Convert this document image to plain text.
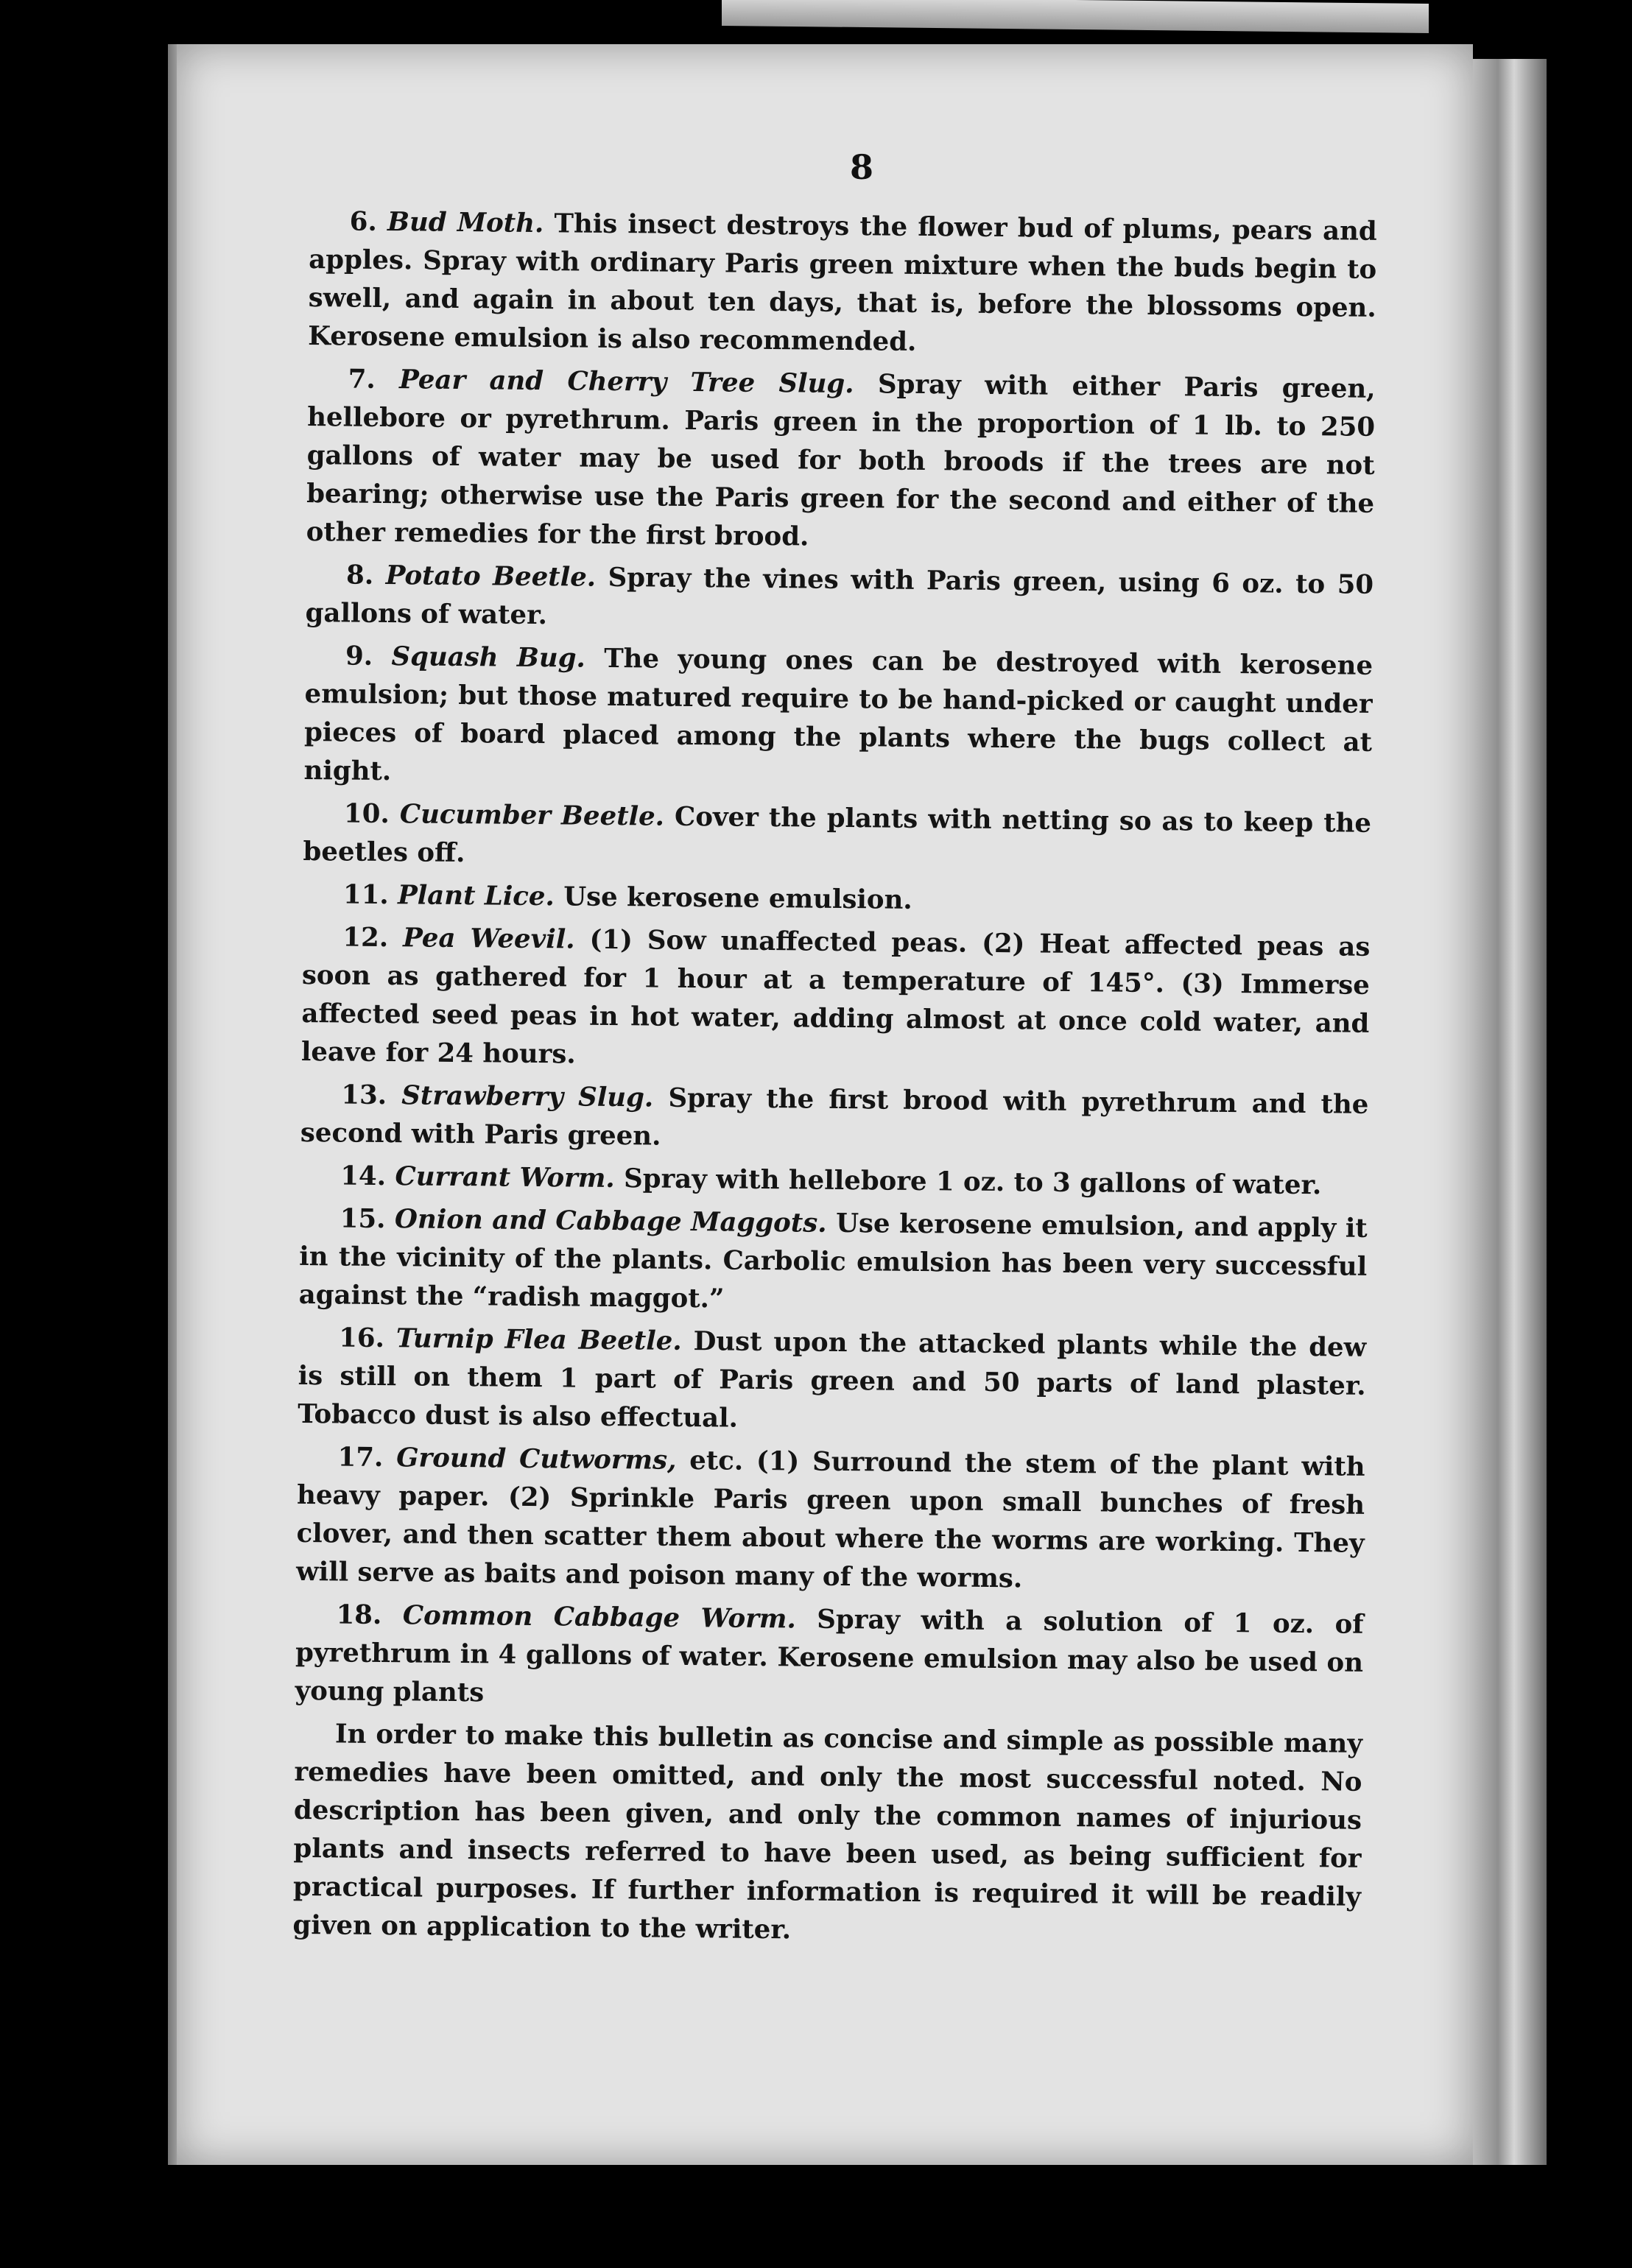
8

6. Bud Moth. This insect destroys the flower bud of plums, pears and apples. Spray with ordinary Paris green mixture when the buds begin to swell, and again in about ten days, that is, before the blossoms open. Kerosene emulsion is also recommended.

7. Pear and Cherry Tree Slug. Spray with either Paris green, hellebore or pyrethrum. Paris green in the proportion of 1 lb. to 250 gallons of water may be used for both broods if the trees are not bearing; otherwise use the Paris green for the second and either of the other remedies for the first brood.

8. Potato Beetle. Spray the vines with Paris green, using 6 oz. to 50 gallons of water.

9. Squash Bug. The young ones can be destroyed with kerosene emulsion; but those matured require to be hand-picked or caught under pieces of board placed among the plants where the bugs collect at night.

10. Cucumber Beetle. Cover the plants with netting so as to keep the beetles off.

11. Plant Lice. Use kerosene emulsion.

12. Pea Weevil. (1) Sow unaffected peas. (2) Heat affected peas as soon as gathered for 1 hour at a temperature of 145°. (3) Immerse affected seed peas in hot water, adding almost at once cold water, and leave for 24 hours.

13. Strawberry Slug. Spray the first brood with pyrethrum and the second with Paris green.

14. Currant Worm. Spray with hellebore 1 oz. to 3 gallons of water.

15. Onion and Cabbage Maggots. Use kerosene emulsion, and apply it in the vicinity of the plants. Carbolic emulsion has been very successful against the “radish maggot.”

16. Turnip Flea Beetle. Dust upon the attacked plants while the dew is still on them 1 part of Paris green and 50 parts of land plaster. Tobacco dust is also effectual.

17. Ground Cutworms, etc. (1) Surround the stem of the plant with heavy paper. (2) Sprinkle Paris green upon small bunches of fresh clover, and then scatter them about where the worms are working. They will serve as baits and poison many of the worms.

18. Common Cabbage Worm. Spray with a solution of 1 oz. of pyrethrum in 4 gallons of water. Kerosene emulsion may also be used on young plants

In order to make this bulletin as concise and simple as possible many remedies have been omitted, and only the most successful noted. No description has been given, and only the common names of injurious plants and insects referred to have been used, as being sufficient for practical purposes. If further information is required it will be readily given on application to the writer.
